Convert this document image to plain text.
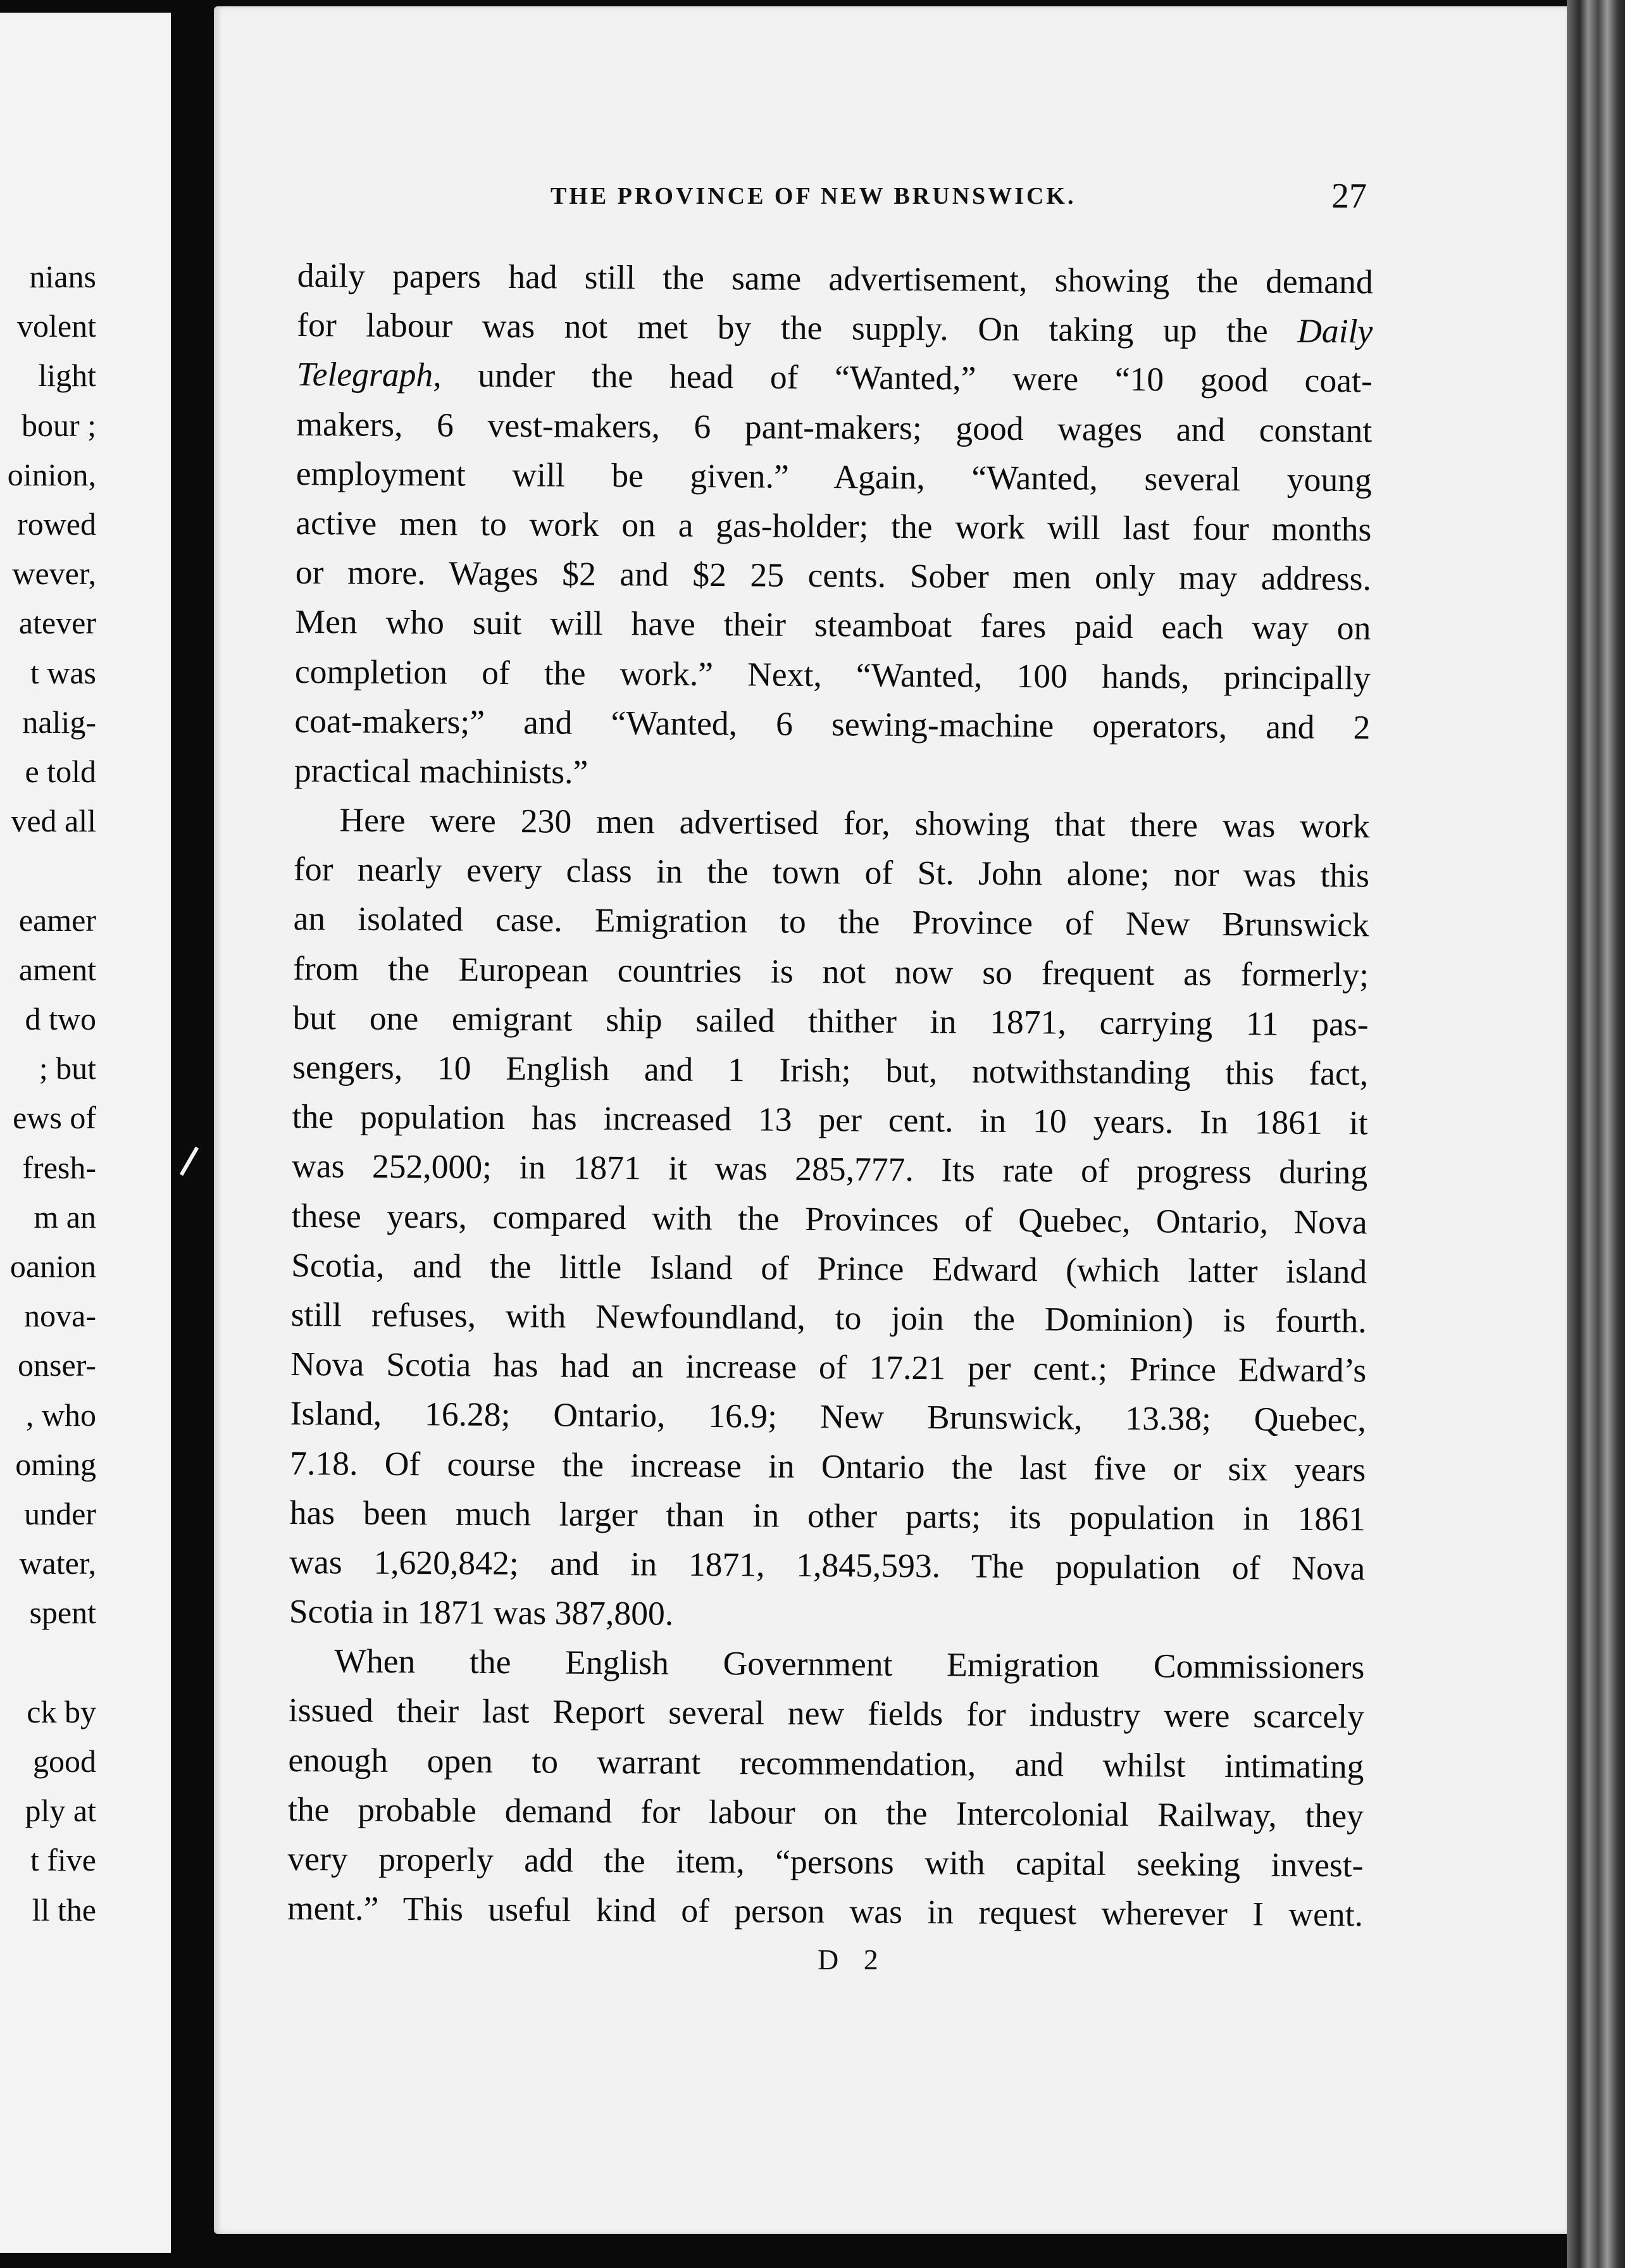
nians
volent
light
bour ;
oinion,
rowed
wever,
atever
t was
nalig-
e told
ved all
eamer
ament
d two
; but
ews of
fresh-
m an
oanion
nova-
onser-
, who
oming
under
water,
spent
ck by
good
ply at
t five
ll the
THE PROVINCE OF NEW BRUNSWICK.	27
daily papers had still the same advertisement, showing the demand
for labour was not met by the supply. On taking up the Daily
Telegraph, under the head of “Wanted,” were “10 good coat-
makers, 6 vest-makers, 6 pant-makers; good wages and constant
employment will be given.” Again, “Wanted, several young
active men to work on a gas-holder; the work will last four months
or more. Wages $2 and $2 25 cents. Sober men only may address.
Men who suit will have their steamboat fares paid each way on
completion of the work.” Next, “Wanted, 100 hands, principally
coat-makers;” and “Wanted, 6 sewing-machine operators, and 2
practical machinists.”
Here were 230 men advertised for, showing that there was work
for nearly every class in the town of St. John alone; nor was this
an isolated case. Emigration to the Province of New Brunswick
from the European countries is not now so frequent as formerly;
but one emigrant ship sailed thither in 1871, carrying 11 pas-
sengers, 10 English and 1 Irish; but, notwithstanding this fact,
the population has increased 13 per cent. in 10 years. In 1861 it
was 252,000; in 1871 it was 285,777. Its rate of progress during
these years, compared with the Provinces of Quebec, Ontario, Nova
Scotia, and the little Island of Prince Edward (which latter island
still refuses, with Newfoundland, to join the Dominion) is fourth.
Nova Scotia has had an increase of 17.21 per cent.; Prince Edward’s
Island, 16.28; Ontario, 16.9; New Brunswick, 13.38; Quebec,
7.18. Of course the increase in Ontario the last five or six years
has been much larger than in other parts; its population in 1861
was 1,620,842; and in 1871, 1,845,593. The population of Nova
Scotia in 1871 was 387,800.
When the English Government Emigration Commissioners
issued their last Report several new fields for industry were scarcely
enough open to warrant recommendation, and whilst intimating
the probable demand for labour on the Intercolonial Railway, they
very properly add the item, “persons with capital seeking invest-
ment.” This useful kind of person was in request wherever I went.
D 2
